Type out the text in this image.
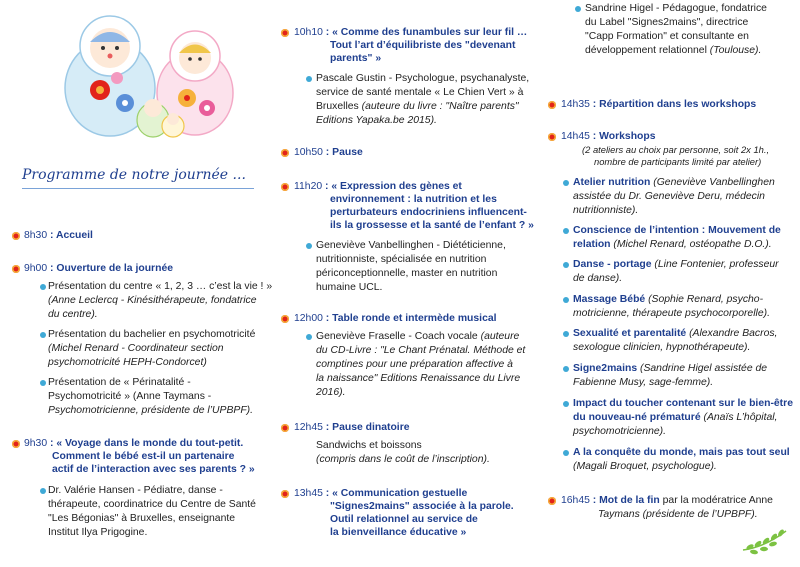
Programme de notre journée ...
8h30 : Accueil
9h00 : Ouverture de la journée
Présentation du centre « 1, 2, 3 … c’est la vie ! »
(Anne Leclercq - Kinésithérapeute, fondatrice
du centre).
Présentation du bachelier en psychomotricité
(Michel Renard - Coordinateur section
psychomotricité HEPH-Condorcet)
Présentation de « Périnatalité -
Psychomotricité » (Anne Taymans -
Psychomotricienne, présidente de l’UPBPF).
9h30 : « Voyage dans le monde du tout-petit.
Comment le bébé est-il un partenaire
actif de l’interaction avec ses parents ? »
Dr. Valérie Hansen - Pédiatre, danse -
thérapeute, coordinatrice du Centre de Santé
"Les Bégonias" à Bruxelles, enseignante
Institut Ilya Prigogine.
10h10 : « Comme des funambules sur leur fil …
Tout l’art d’équilibriste des "devenant
parents" »
Pascale Gustin - Psychologue, psychanalyste,
service de santé mentale « Le Chien Vert » à
Bruxelles (auteure du livre : "Naître parents"
Editions Yapaka.be 2015).
10h50 : Pause
11h20 : « Expression des gènes et
environnement : la nutrition et les
perturbateurs endocriniens influencent-
ils la grossesse et la santé de l’enfant ? »
Geneviève Vanbellinghen - Diététicienne,
nutritionniste, spécialisée en nutrition
périconceptionnelle, master en nutrition
humaine UCL.
12h00 : Table ronde et intermède musical
Geneviève Fraselle - Coach vocale (auteure
du CD-Livre : "Le Chant Prénatal. Méthode et
comptines pour une préparation affective à
la naissance" Editions Renaissance du Livre
2016).
12h45 : Pause dinatoire
Sandwichs et boissons
(compris dans le coût de l’inscription).
13h45 : « Communication gestuelle
"Signes2mains" associée à la parole.
Outil relationnel au service de
la bienveillance éducative »
Sandrine Higel - Pédagogue, fondatrice
du Label "Signes2mains", directrice
"Capp Formation" et consultante en
développement relationnel (Toulouse).
14h35 : Répartition dans les workshops
14h45 : Workshops
(2 ateliers au choix par personne, soit 2x 1h.,
nombre de participants limité par atelier)
Atelier nutrition (Geneviève Vanbellinghen
assistée du Dr. Geneviève Deru, médecin
nutritionniste).
Conscience de l’intention : Mouvement de
relation (Michel Renard, ostéopathe D.O.).
Danse - portage (Line Fontenier, professeur
de danse).
Massage Bébé (Sophie Renard, psycho-
motricienne, thérapeute psychocorporelle).
Sexualité et parentalité (Alexandre Bacros,
sexologue clinicien, hypnothérapeute).
Signe2mains (Sandrine Higel assistée de
Fabienne Musy, sage-femme).
Impact du toucher contenant sur le bien-être
du nouveau-né prématuré (Anaïs L’hôpital,
psychomotricienne).
A la conquête du monde, mais pas tout seul
(Magali Broquet, psychologue).
16h45 : Mot de la fin par la modératrice Anne
Taymans (présidente de l’UPBPF).
